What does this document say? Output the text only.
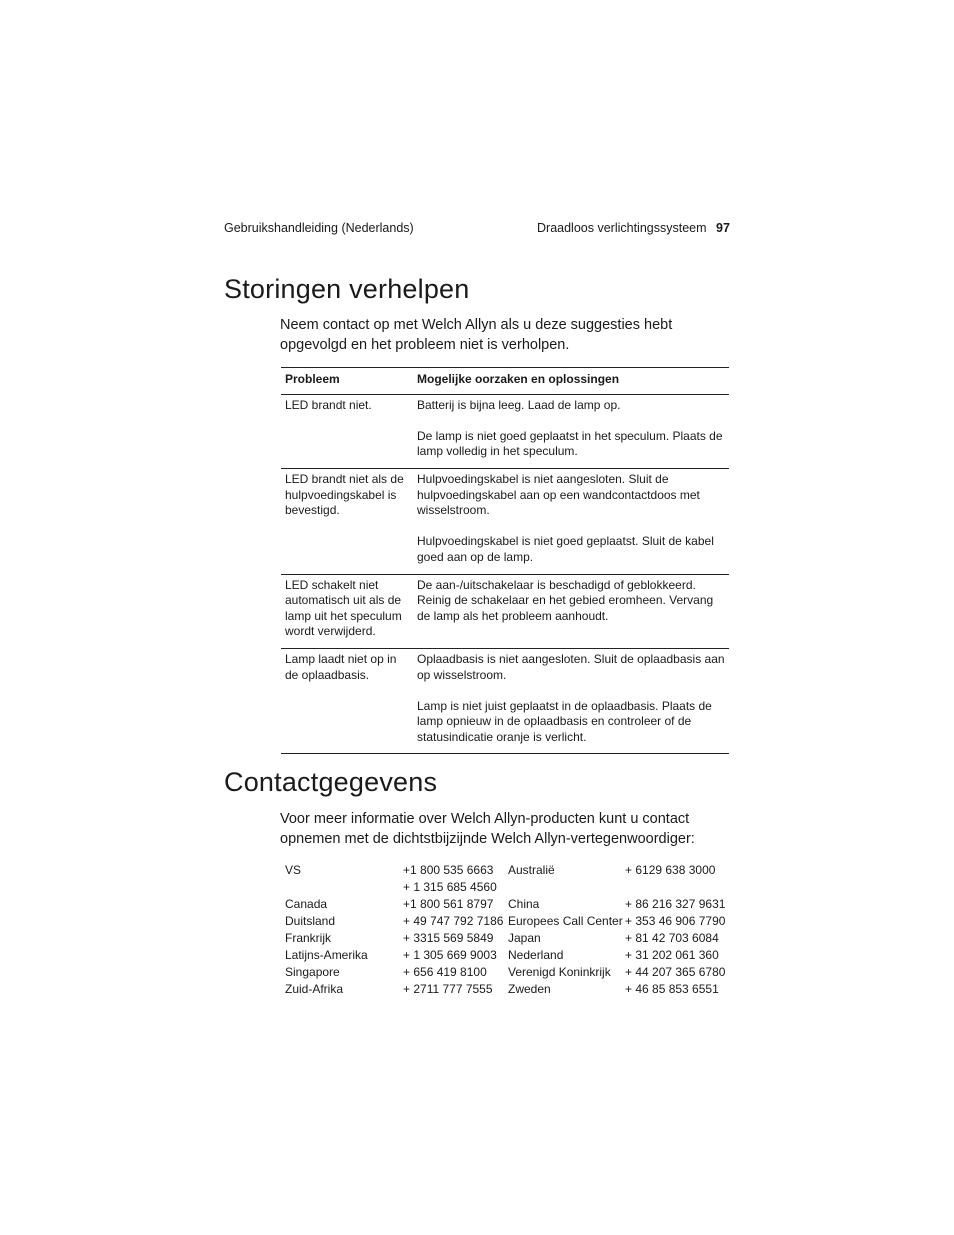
Gebruikshandleiding (Nederlands)	Draadloos verlichtingssysteem 97
Storingen verhelpen

Neem contact op met Welch Allyn als u deze suggesties hebt opgevolgd en het probleem niet is verholpen.

Probleem	Mogelijke oorzaken en oplossingen
LED brandt niet.	Batterij is bijna leeg. Laad de lamp op.

De lamp is niet goed geplaatst in het speculum. Plaats de lamp volledig in het speculum.

LED brandt niet als de hulpvoedingskabel is bevestigd.	Hulpvoedingskabel is niet aangesloten. Sluit de hulpvoedingskabel aan op een wandcontactdoos met wisselstroom.

Hulpvoedingskabel is niet goed geplaatst. Sluit de kabel goed aan op de lamp.

LED schakelt niet automatisch uit als de lamp uit het speculum wordt verwijderd.	De aan-/uitschakelaar is beschadigd of geblokkeerd. Reinig de schakelaar en het gebied eromheen. Vervang de lamp als het probleem aanhoudt.

Lamp laadt niet op in de oplaadbasis.	Oplaadbasis is niet aangesloten. Sluit de oplaadbasis aan op wisselstroom.

Lamp is niet juist geplaatst in de oplaadbasis. Plaats de lamp opnieuw in de oplaadbasis en controleer of de statusindicatie oranje is verlicht.

Contactgegevens

Voor meer informatie over Welch Allyn-producten kunt u contact opnemen met de dichtstbijzijnde Welch Allyn-vertegenwoordiger:

VS	+1 800 535 6663	Australië	+ 6129 638 3000

+ 1 315 685 4560

Canada	+1 800 561 8797	China	+ 86 216 327 9631
Duitsland	+ 49 747 792 7186 Europees Call Center + 353 46 906 7790
Frankrijk	+ 3315 569 5849	Japan	+ 81 42 703 6084
Latijns-Amerika	+ 1 305 669 9003 Nederland	+ 31 202 061 360
Singapore	+ 656 419 8100	Verenigd Koninkrijk	+ 44 207 365 6780
Zuid-Afrika	+ 2711 777 7555	Zweden	+ 46 85 853 6551
